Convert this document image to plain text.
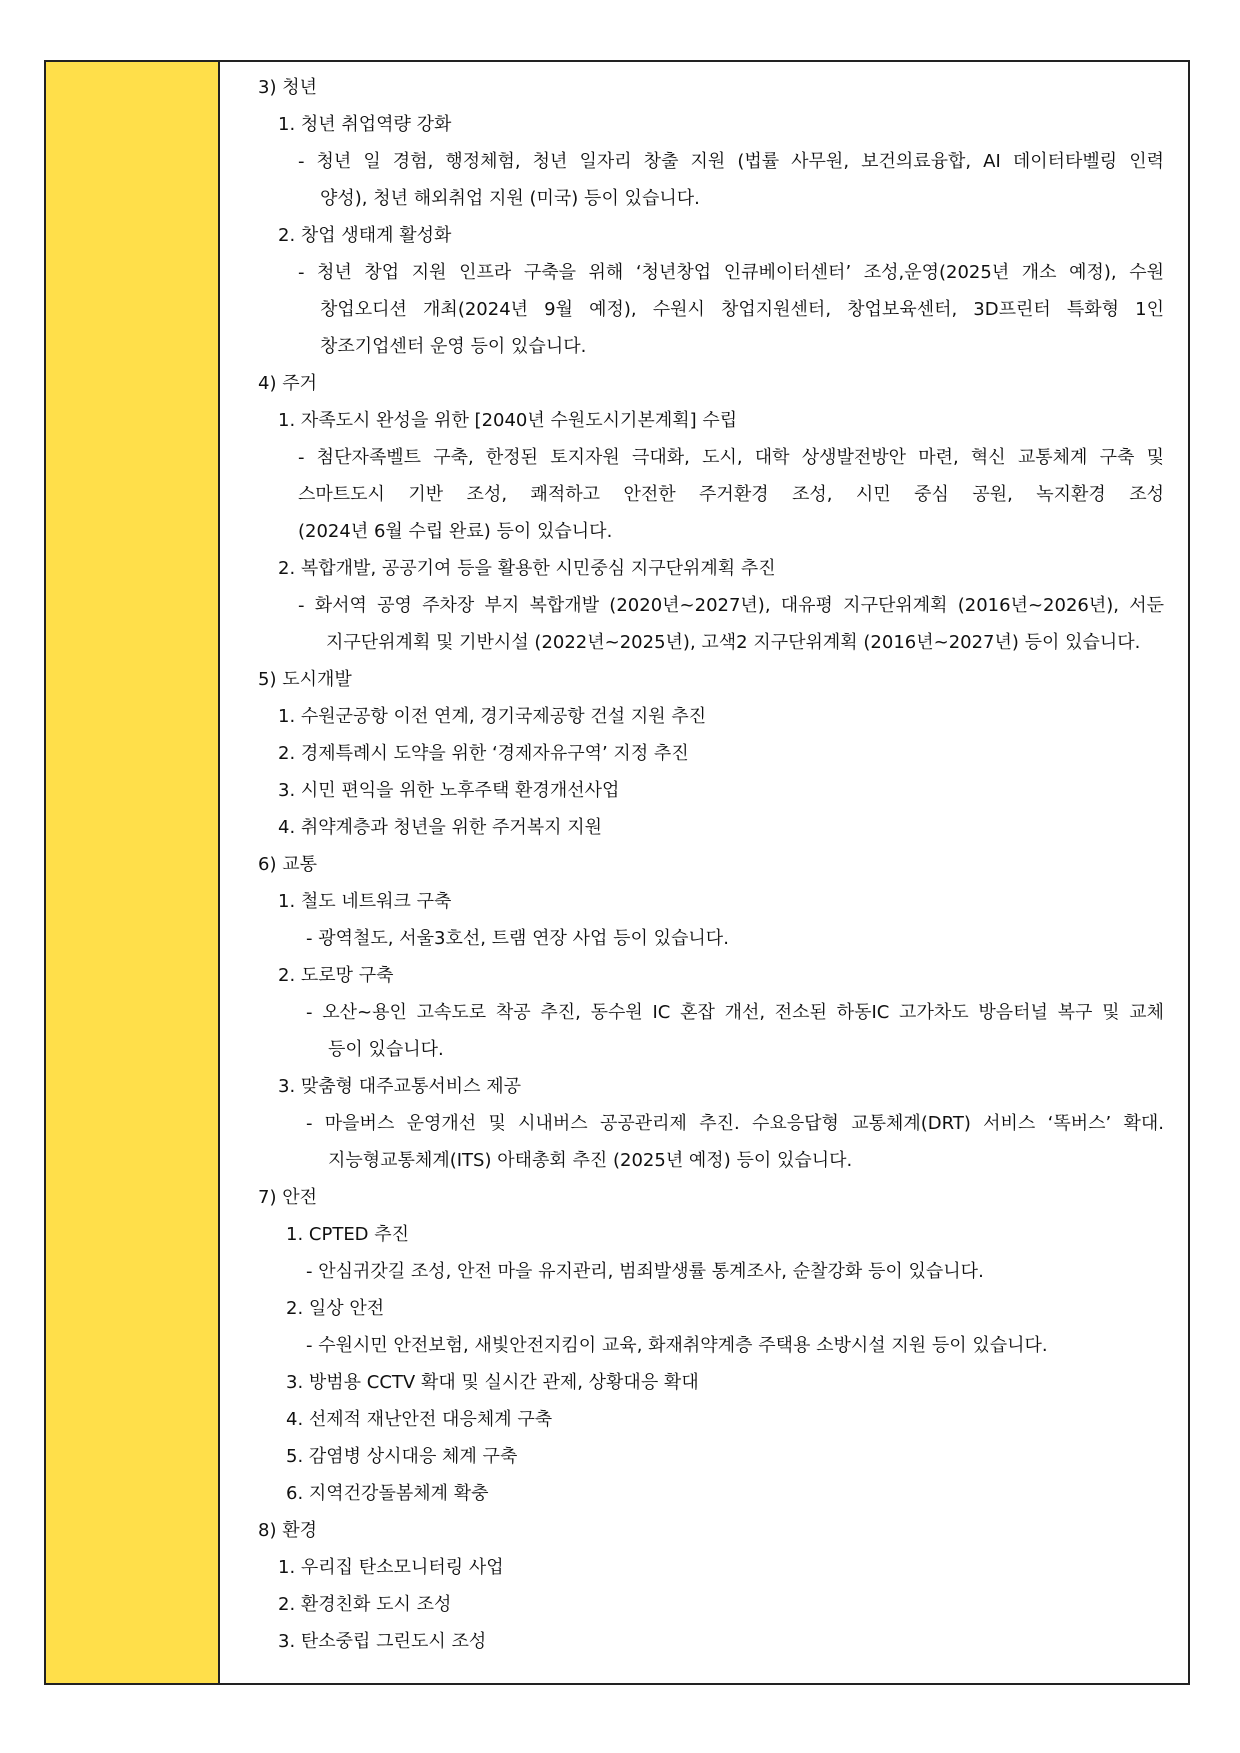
3) 청년
1. 청년 취업역량 강화
- 청년 일 경험, 행정체험, 청년 일자리 창출 지원 (법률 사무원, 보건의료융합, AI 데이터타벨링 인력
양성), 청년 해외취업 지원 (미국) 등이 있습니다.
2. 창업 생태계 활성화
- 청년 창업 지원 인프라 구축을 위해 ‘청년창업 인큐베이터센터’ 조성,운영(2025년 개소 예정), 수원
창업오디션 개최(2024년 9월 예정), 수원시 창업지원센터, 창업보육센터, 3D프린터 특화형 1인
창조기업센터 운영 등이 있습니다.
4) 주거
1. 자족도시 완성을 위한 [2040년 수원도시기본계획] 수립
- 첨단자족벨트 구축, 한정된 토지자원 극대화, 도시, 대학 상생발전방안 마련, 혁신 교통체계 구축 및
스마트도시 기반 조성, 쾌적하고 안전한 주거환경 조성, 시민 중심 공원, 녹지환경 조성
(2024년 6월 수립 완료) 등이 있습니다.
2. 복합개발, 공공기여 등을 활용한 시민중심 지구단위계획 추진
- 화서역 공영 주차장 부지 복합개발 (2020년~2027년), 대유평 지구단위계획 (2016년~2026년), 서둔
지구단위계획 및 기반시설 (2022년~2025년), 고색2 지구단위계획 (2016년~2027년) 등이 있습니다.
5) 도시개발
1. 수원군공항 이전 연계, 경기국제공항 건설 지원 추진
2. 경제특례시 도약을 위한 ‘경제자유구역’ 지정 추진
3. 시민 편익을 위한 노후주택 환경개선사업
4. 취약계층과 청년을 위한 주거복지 지원
6) 교통
1. 철도 네트워크 구축
- 광역철도, 서울3호선, 트램 연장 사업 등이 있습니다.
2. 도로망 구축
- 오산~용인 고속도로 착공 추진, 동수원 IC 혼잡 개선, 전소된 하동IC 고가차도 방음터널 복구 및 교체
등이 있습니다.
3. 맞춤형 대주교통서비스 제공
- 마을버스 운영개선 및 시내버스 공공관리제 추진. 수요응답형 교통체계(DRT) 서비스 ‘똑버스’ 확대.
지능형교통체계(ITS) 아태총회 추진 (2025년 예정) 등이 있습니다.
7) 안전
1. CPTED 추진
- 안심귀갓길 조성, 안전 마을 유지관리, 범죄발생률 통계조사, 순찰강화 등이 있습니다.
2. 일상 안전
- 수원시민 안전보험, 새빛안전지킴이 교육, 화재취약계층 주택용 소방시설 지원 등이 있습니다.
3. 방범용 CCTV 확대 및 실시간 관제, 상황대응 확대
4. 선제적 재난안전 대응체계 구축
5. 감염병 상시대응 체계 구축
6. 지역건강돌봄체계 확충
8) 환경
1. 우리집 탄소모니터링 사업
2. 환경친화 도시 조성
3. 탄소중립 그린도시 조성
